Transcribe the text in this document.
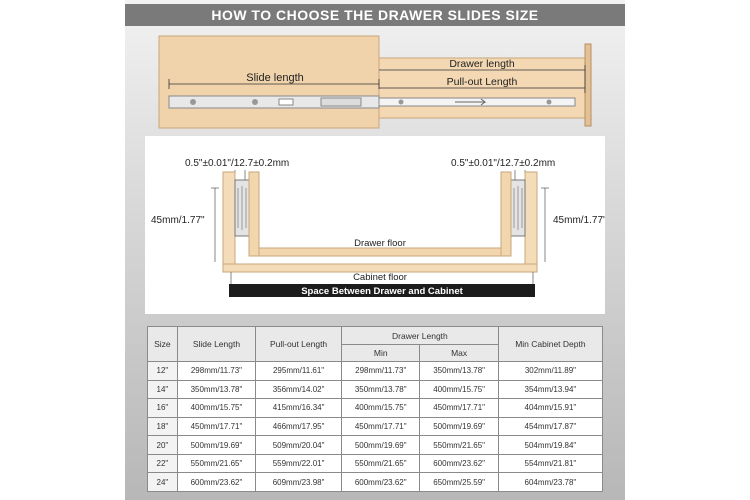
HOW TO CHOOSE THE DRAWER SLIDES SIZE
Slide length
Drawer length
Pull-out Length
0.5"±0.01"/12.7±0.2mm	0.5"±0.01"/12.7±0.2mm
Drawer floor
Cabinet floor
45mm/1.77"	45mm/1.77"
Space Between Drawer and Cabinet
Size	Slide Length	Pull-out Length	Drawer Length		Min Cabinet Depth
			Min	Max	
12"	298mm/11.73"	295mm/11.61"	298mm/11.73"	350mm/13.78"	302mm/11.89"
14"	350mm/13.78"	356mm/14.02"	350mm/13.78"	400mm/15.75"	354mm/13.94"
16"	400mm/15.75"	415mm/16.34"	400mm/15.75"	450mm/17.71"	404mm/15.91"
18"	450mm/17.71"	466mm/17.95"	450mm/17.71"	500mm/19.69"	454mm/17.87"
20"	500mm/19.69"	509mm/20.04"	500mm/19.69"	550mm/21.65"	504mm/19.84"
22"	550mm/21.65"	559mm/22.01"	550mm/21.65"	600mm/23.62"	554mm/21.81"
24"	600mm/23.62"	609mm/23.98"	600mm/23.62"	650mm/25.59"	604mm/23.78"
